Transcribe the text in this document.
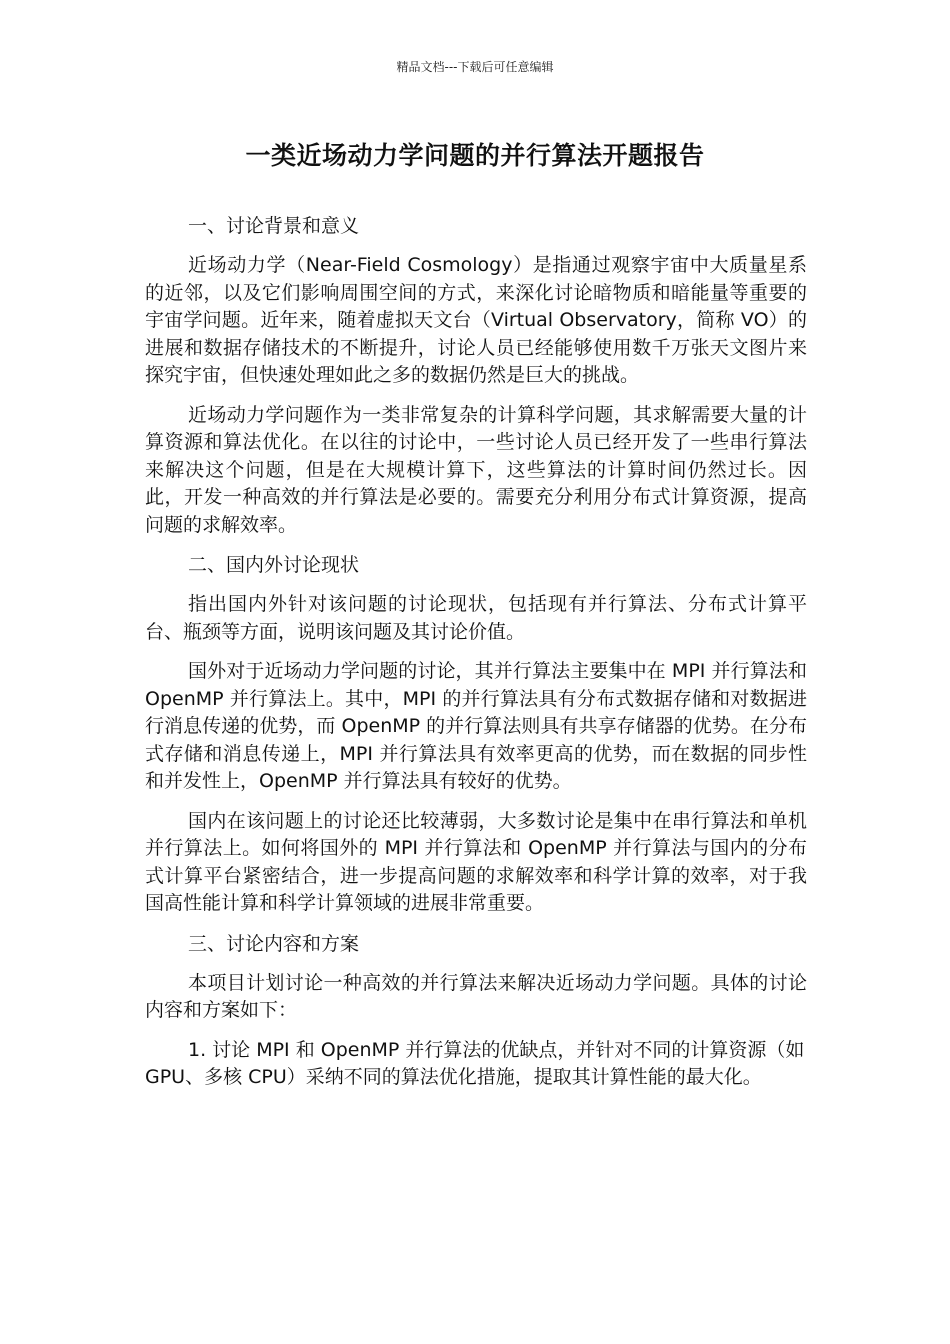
精品文档---下载后可任意编辑
一类近场动力学问题的并行算法开题报告

一、讨论背景和意义

近场动力学（Near-Field Cosmology）是指通过观察宇宙中大质量星系的近邻，以及它们影响周围空间的方式，来深化讨论暗物质和暗能量等重要的宇宙学问题。近年来，随着虚拟天文台（Virtual Observatory，简称 VO）的进展和数据存储技术的不断提升，讨论人员已经能够使用数千万张天文图片来探究宇宙，但快速处理如此之多的数据仍然是巨大的挑战。

近场动力学问题作为一类非常复杂的计算科学问题，其求解需要大量的计算资源和算法优化。在以往的讨论中，一些讨论人员已经开发了一些串行算法来解决这个问题，但是在大规模计算下，这些算法的计算时间仍然过长。因此，开发一种高效的并行算法是必要的。需要充分利用分布式计算资源，提高问题的求解效率。

二、国内外讨论现状

指出国内外针对该问题的讨论现状，包括现有并行算法、分布式计算平台、瓶颈等方面，说明该问题及其讨论价值。

国外对于近场动力学问题的讨论，其并行算法主要集中在 MPI 并行算法和 OpenMP 并行算法上。其中，MPI 的并行算法具有分布式数据存储和对数据进行消息传递的优势，而 OpenMP 的并行算法则具有共享存储器的优势。在分布式存储和消息传递上，MPI 并行算法具有效率更高的优势，而在数据的同步性和并发性上，OpenMP 并行算法具有较好的优势。

国内在该问题上的讨论还比较薄弱，大多数讨论是集中在串行算法和单机并行算法上。如何将国外的 MPI 并行算法和 OpenMP 并行算法与国内的分布式计算平台紧密结合，进一步提高问题的求解效率和科学计算的效率，对于我国高性能计算和科学计算领域的进展非常重要。

三、讨论内容和方案

本项目计划讨论一种高效的并行算法来解决近场动力学问题。具体的讨论内容和方案如下：

1. 讨论 MPI 和 OpenMP 并行算法的优缺点，并针对不同的计算资源（如 GPU、多核 CPU）采纳不同的算法优化措施，提取其计算性能的最大化。
